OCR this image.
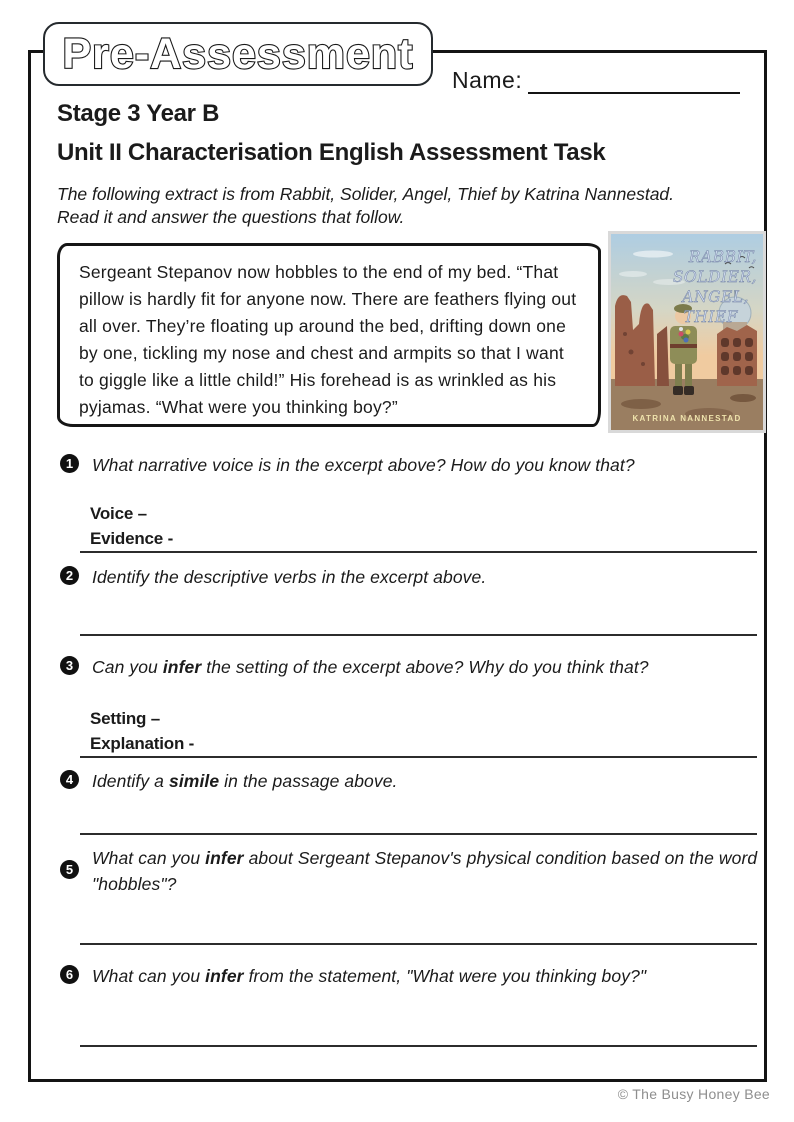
Pre-Assessment
Name:
Stage 3 Year B
Unit II Characterisation English Assessment Task
The following extract is from Rabbit, Solider, Angel, Thief by Katrina Nannestad.
Read it and answer the questions that follow.

Sergeant Stepanov now hobbles to the end of my bed. “That pillow is hardly fit for anyone now. There are feathers flying out all over. They’re floating up around the bed, drifting down one by one, tickling my nose and chest and armpits so that I want to giggle like a little child!” His forehead is as wrinkled as his pyjamas. “What were you thinking boy?”

RABBIT,
SOLDIER,
ANGEL,
THIEF
KATRINA NANNESTAD
1	What narrative voice is in the excerpt above? How do you know that?

Voice –
Evidence -
2	Identify the descriptive verbs in the excerpt above.

3	Can you infer the setting of the excerpt above? Why do you think that?

Setting –
Explanation -
4	Identify a simile in the passage above.

5

What can you infer about Sergeant Stepanov's physical condition based on the word "hobbles"?

6	What can you infer from the statement, "What were you thinking boy?"

© The Busy Honey Bee
